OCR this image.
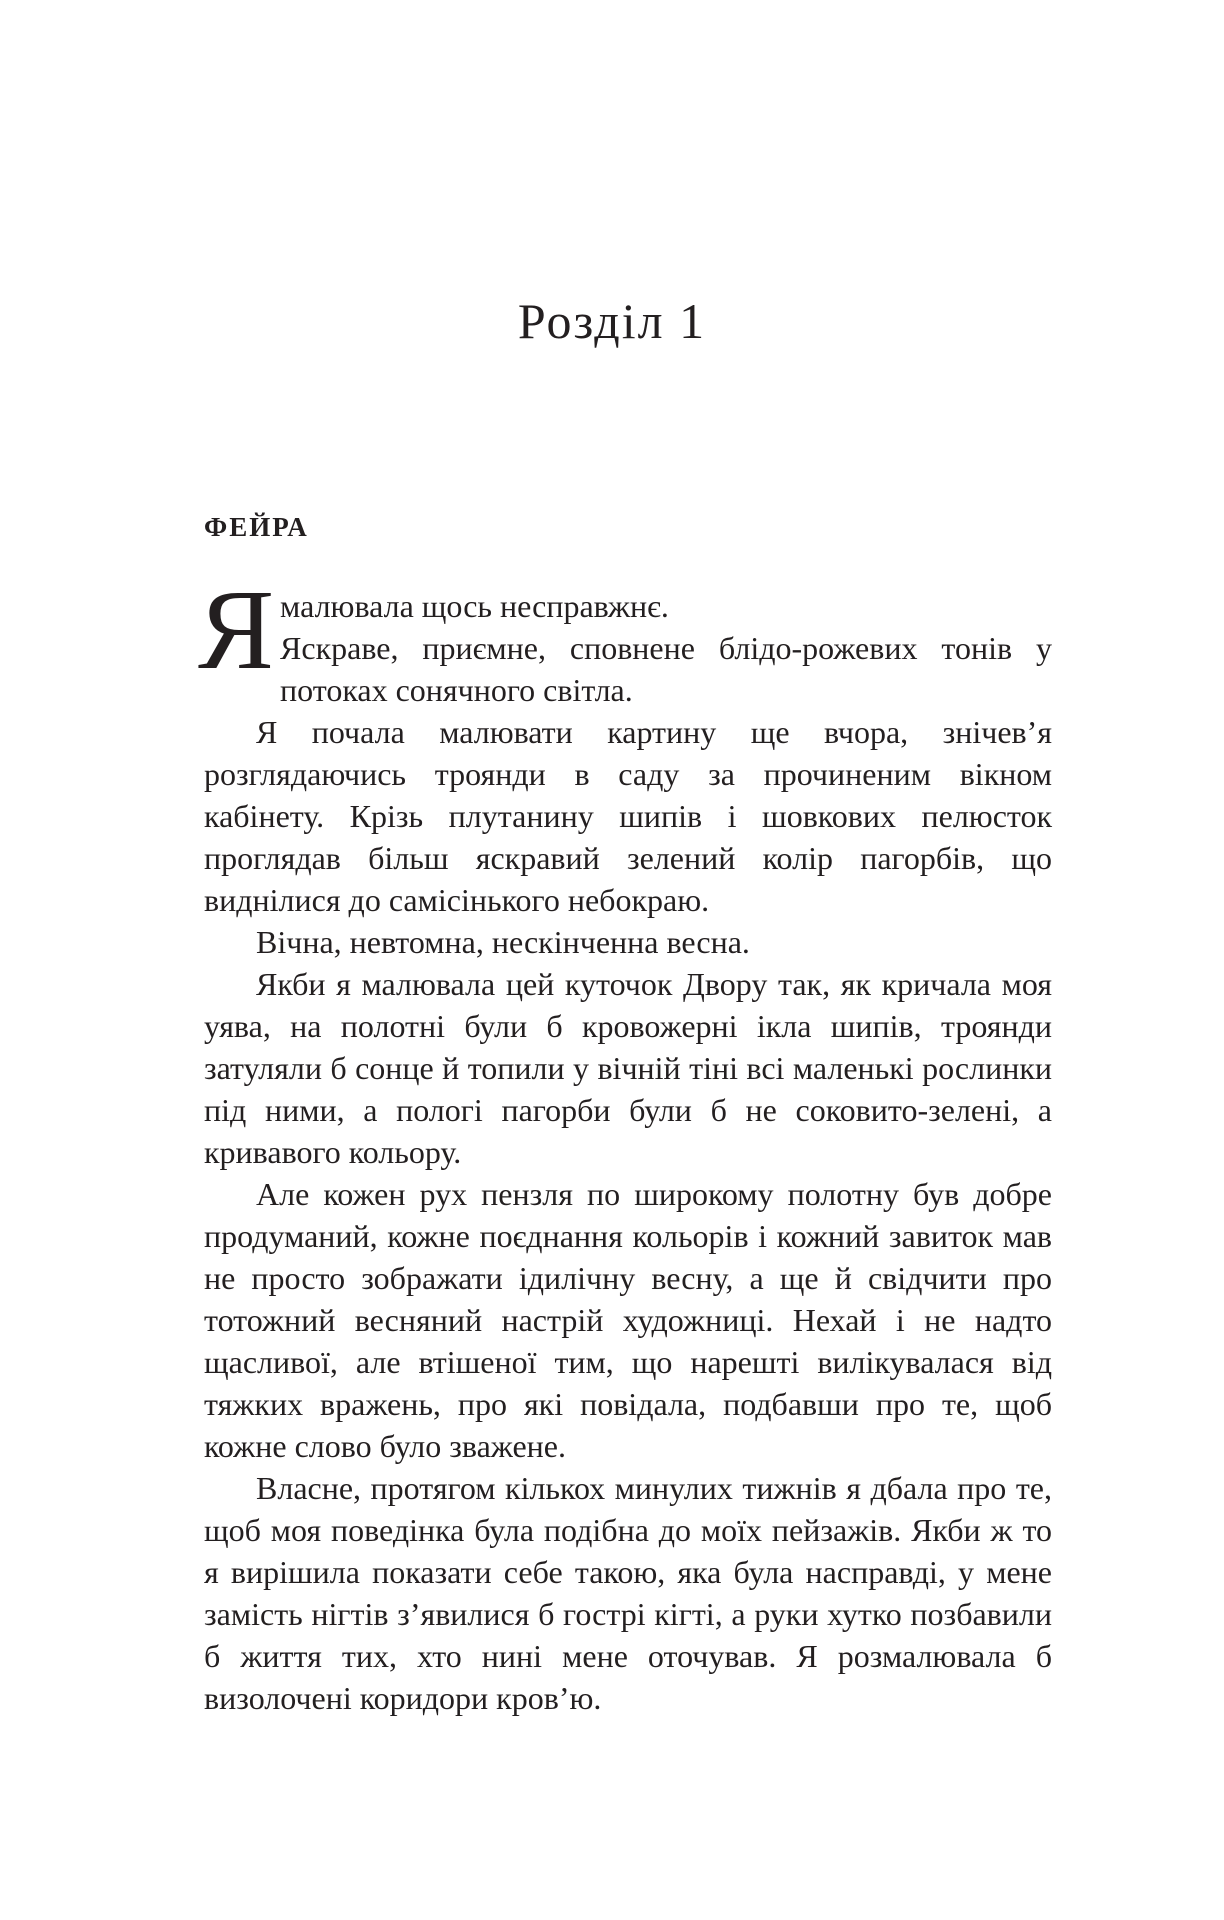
Розділ 1
ФЕЙРА

Я малювала щось несправжнє.
Яскраве, приємне, сповнене блідо-рожевих тонів у потоках сонячного світла.

Я почала малювати картину ще вчора, знічев’я розглядаючись троянди в саду за прочиненим вікном кабінету. Крізь плутанину шипів і шовкових пелюсток проглядав більш яскравий зелений колір пагорбів, що виднілися до самісінького небокраю.

Вічна, невтомна, нескінченна весна.

Якби я малювала цей куточок Двору так, як кричала моя уява, на полотні були б кровожерні ікла шипів, троянди затуляли б сонце й топили у вічній тіні всі маленькі рослинки під ними, а пологі пагорби були б не соковито-зелені, а кривавого кольору.

Але кожен рух пензля по широкому полотну був добре продуманий, кожне поєднання кольорів і кожний завиток мав не просто зображати ідилічну весну, а ще й свідчити про тотожний весняний настрій художниці. Нехай і не надто щасливої, але втішеної тим, що нарешті вилікувалася від тяжких вражень, про які повідала, подбавши про те, щоб кожне слово було зважене.

Власне, протягом кількох минулих тижнів я дбала про те, щоб моя поведінка була подібна до моїх пейзажів. Якби ж то я вирішила показати себе такою, яка була насправді, у мене замість нігтів з’явилися б гострі кігті, а руки хутко позбавили б життя тих, хто нині мене оточував. Я розмалювала б визолочені коридори кров’ю.
